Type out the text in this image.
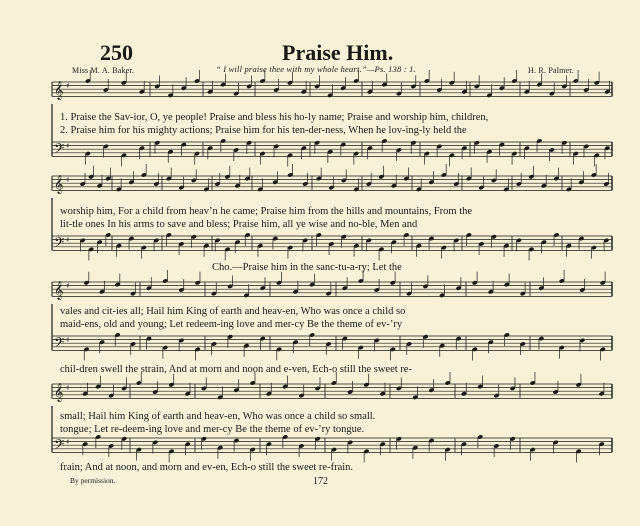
250	Praise Him.
Miss M. A. Baker.	“ I will praise thee with my whole heart.”—Ps. 138 : 1.	H. R. Palmer.
𝄞 ♯
𝄢 ♯
𝄞 ♯
𝄢 ♯
𝄞 ♯
𝄢 ♯
𝄞 ♯
𝄢 ♯
1. Praise the Sav-ior, O, ye people! Praise and bless his ho-ly name; Praise and worship him, children,
2. Praise him for his mighty actions; Praise him for his ten-der-ness, When he lov-ing-ly held the
worship him, For a child from heav’n he came; Praise him from the hills and mountains, From the
lit-tle ones In his arms to save and bless; Praise him, all ye wise and no-ble, Men and
Cho.—Praise him in the sanc-tu-a-ry; Let the
vales and cit-ies all; Hail him King of earth and heav-en, Who was once a child so
maid-ens, old and young; Let redeem-ing love and mer-cy Be the theme of ev-’ry
chil-dren swell the strain, And at morn and noon and e-ven, Ech-o still the sweet re-
small; Hail him King of earth and heav-en, Who was once a child so small.
tongue; Let re-deem-ing love and mer-cy Be the theme of ev-’ry tongue.
frain; And at noon, and morn and ev-en, Ech-o still the sweet re-frain.
By permission.	172
